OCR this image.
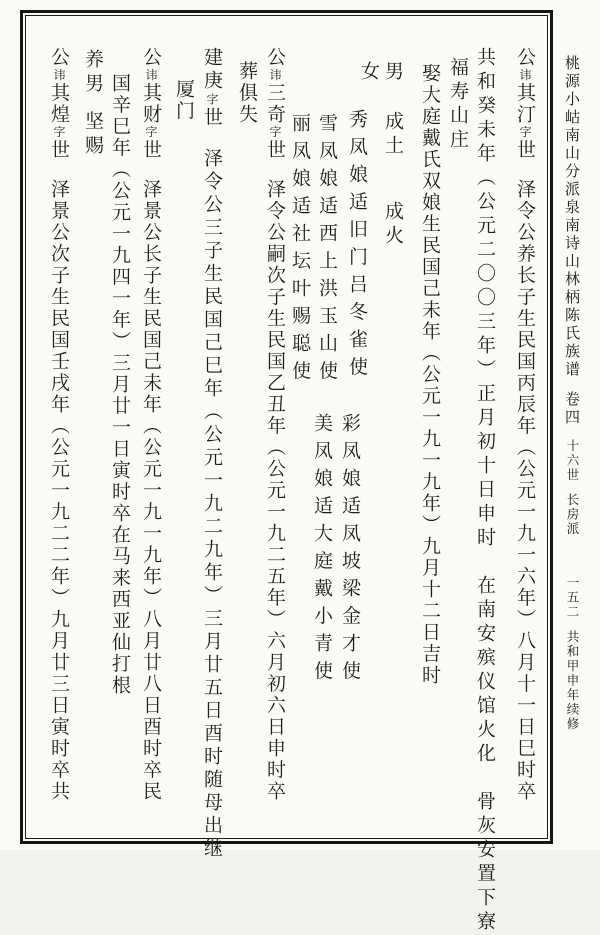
桃源小岵南山分派泉南诗山林柄陈氏族谱卷四十六世长房派一五二共和甲申年续修
公讳其汀字世泽令公养长子生民国丙辰年（公元一九一六年）八月十一日巳时卒
共和癸未年（公元二〇〇三年）正月初十日申时　在南安殡仪馆火化　骨灰安置下寮
福寿山庄
娶大庭戴氏双娘生民国己未年（公元一九一九年）九月十二日吉时
男成土成火
女
秀凤娘适旧门吕冬雀使
雪凤娘适西上洪玉山使
丽凤娘适社坛叶赐聪使
彩凤娘适凤坡梁金才使
美凤娘适大庭戴小青使
公讳三奇字世泽令公嗣次子生民国乙丑年（公元一九二五年）六月初六日申时卒
葬俱失
建庚字世泽令公三子生民国己巳年（公元一九二九年）三月廿五日酉时随母出继
厦门
公讳其财字世泽景公长子生民国己未年（公元一九一九年）八月廿八日酉时卒民
国辛巳年（公元一九四一年）三月廿一日寅时卒在马来西亚仙打根
养男坚赐
公讳其煌字世泽景公次子生民国壬戌年（公元一九二二年）九月廿三日寅时卒共
